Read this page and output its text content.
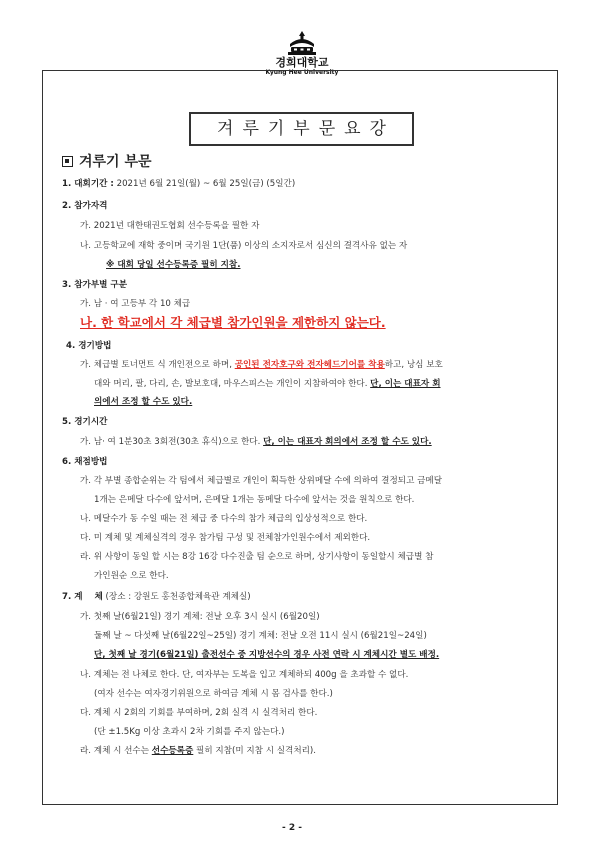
경희대학교
Kyung Hee University
겨루기부문요강
겨루기 부문
1. 대회기간 : 2021년 6월 21일(월) ~ 6월 25일(금) (5일간)
2. 참가자격
가. 2021년 대한태권도협회 선수등록을 필한 자
나. 고등학교에 재학 중이며 국기원 1단(품) 이상의 소지자로서 심신의 결격사유 없는 자
※ 대회 당일 선수등록증 필히 지참.
3. 참가부별 구분
가. 남 · 여 고등부 각 10 체급
나. 한 학교에서 각 체급별 참가인원을 제한하지 않는다.
4. 경기방법
가. 체급별 토너먼트 식 개인전으로 하며, 공인된 전자호구와 전자헤드기어를 착용하고, 낭심 보호
대와 머리, 팔, 다리, 손, 발보호대, 마우스피스는 개인이 지참하여야 한다. 단, 이는 대표자 회
의에서 조정 할 수도 있다.
5. 경기시간
가. 남· 여 1분30초 3회전(30초 휴식)으로 한다. 단, 이는 대표자 회의에서 조정 할 수도 있다.
6. 채점방법
가. 각 부별 종합순위는 각 팀에서 체급별로 개인이 획득한 상위메달 수에 의하여 결정되고 금메달
1개는 은메달 다수에 앞서며, 은메달 1개는 동메달 다수에 앞서는 것을 원칙으로 한다.
나. 메달수가 동 수일 때는 전 체급 중 다수의 참가 체급의 입상성적으로 한다.
다. 미 계체 및 계체실격의 경우 참가팀 구성 및 전체참가인원수에서 제외한다.
라. 위 사항이 동일 할 시는 8강 16강 다수진출 팀 순으로 하며, 상기사항이 동일할시 체급별 참
가인원순 으로 한다.
7. 계    체 (장소 : 강원도 홍천종합체육관 계체실)
가. 첫째 날(6월21일) 경기 계체: 전날 오후 3시 실시 (6월20일)
둘째 날 ~ 다섯째 날(6월22일~25일) 경기 계체: 전날 오전 11시 실시 (6월21일~24일)
단, 첫째 날 경기(6월21일) 출전선수 중 지방선수의 경우 사전 연락 시 계체시간 별도 배정.
나. 계체는 전 나체로 한다. 단, 여자부는 도복을 입고 계체하되 400g 을 초과할 수 없다.
(여자 선수는 여자경기위원으로 하여금 계체 시 몸 검사를 한다.)
다. 계체 시 2회의 기회를 부여하며, 2회 실격 시 실격처리 한다.
(단 ±1.5Kg 이상 초과시 2차 기회를 주지 않는다.)
라. 계체 시 선수는 선수등록증 필히 지참(미 지참 시 실격처리).
- 2 -
